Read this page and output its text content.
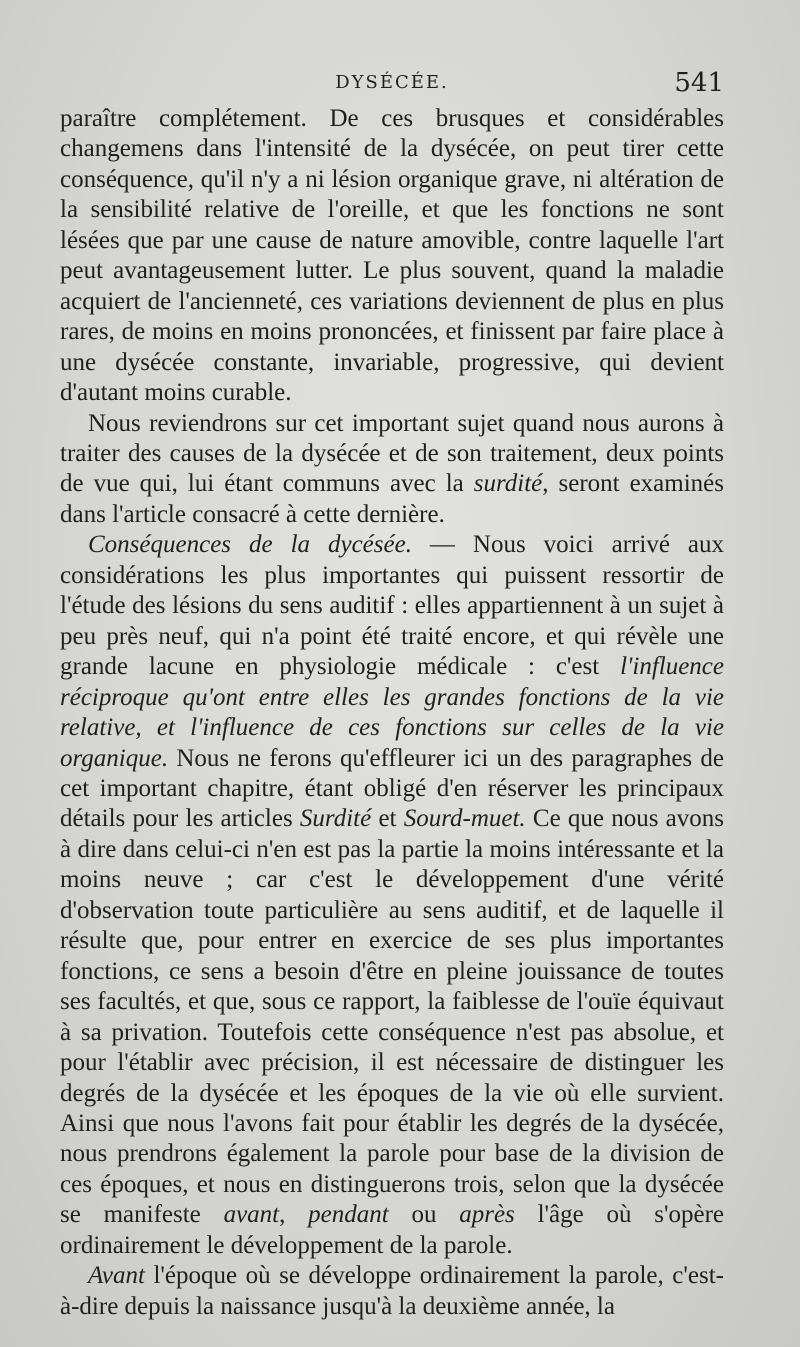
DYSÉCÉE.	541

paraître complétement. De ces brusques et considérables changemens dans l'intensité de la dysécée, on peut tirer cette conséquence, qu'il n'y a ni lésion organique grave, ni altération de la sensibilité relative de l'oreille, et que les fonctions ne sont lésées que par une cause de nature amovible, contre laquelle l'art peut avantageusement lutter. Le plus souvent, quand la maladie acquiert de l'ancienneté, ces variations deviennent de plus en plus rares, de moins en moins prononcées, et finissent par faire place à une dysécée constante, invariable, progressive, qui devient d'autant moins curable.

Nous reviendrons sur cet important sujet quand nous aurons à traiter des causes de la dysécée et de son traitement, deux points de vue qui, lui étant communs avec la surdité, seront examinés dans l'article consacré à cette dernière.

Conséquences de la dycésée. — Nous voici arrivé aux considérations les plus importantes qui puissent ressortir de l'étude des lésions du sens auditif : elles appartiennent à un sujet à peu près neuf, qui n'a point été traité encore, et qui révèle une grande lacune en physiologie médicale : c'est l'influence réciproque qu'ont entre elles les grandes fonctions de la vie relative, et l'influence de ces fonctions sur celles de la vie organique. Nous ne ferons qu'effleurer ici un des paragraphes de cet important chapitre, étant obligé d'en réserver les principaux détails pour les articles Surdité et Sourd-muet. Ce que nous avons à dire dans celui-ci n'en est pas la partie la moins intéressante et la moins neuve ; car c'est le développement d'une vérité d'observation toute particulière au sens auditif, et de laquelle il résulte que, pour entrer en exercice de ses plus importantes fonctions, ce sens a besoin d'être en pleine jouissance de toutes ses facultés, et que, sous ce rapport, la faiblesse de l'ouïe équivaut à sa privation. Toutefois cette conséquence n'est pas absolue, et pour l'établir avec précision, il est nécessaire de distinguer les degrés de la dysécée et les époques de la vie où elle survient. Ainsi que nous l'avons fait pour établir les degrés de la dysécée, nous prendrons également la parole pour base de la division de ces époques, et nous en distinguerons trois, selon que la dysécée se manifeste avant, pendant ou après l'âge où s'opère ordinairement le développement de la parole.

Avant l'époque où se développe ordinairement la parole, c'est-à-dire depuis la naissance jusqu'à la deuxième année, la
